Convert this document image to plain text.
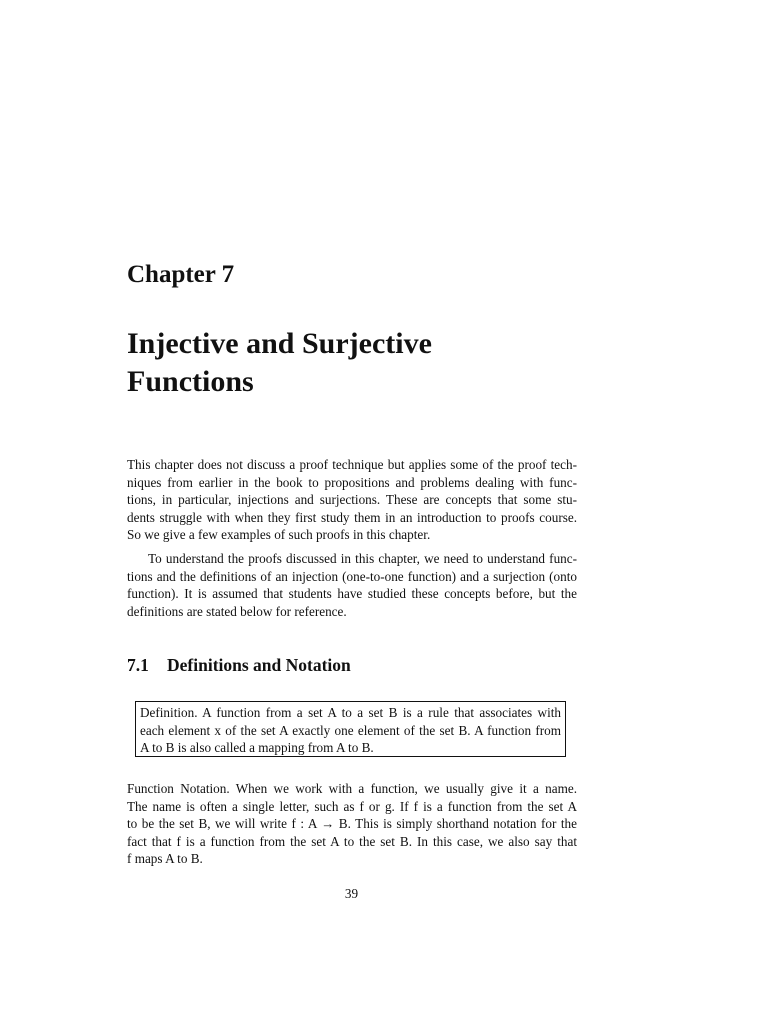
Chapter 7
Injective and Surjective
Functions

This chapter does not discuss a proof technique but applies some of the proof tech-
niques from earlier in the book to propositions and problems dealing with func-
tions, in particular, injections and surjections. These are concepts that some stu-
dents struggle with when they first study them in an introduction to proofs course.
So we give a few examples of such proofs in this chapter.

To understand the proofs discussed in this chapter, we need to understand func-
tions and the definitions of an injection (one-to-one function) and a surjection (onto
function). It is assumed that students have studied these concepts before, but the
definitions are stated below for reference.

7.1 Definitions and Notation

Definition. A function from a set A to a set B is a rule that associates with
each element x of the set A exactly one element of the set B. A function from
A to B is also called a mapping from A to B.

Function Notation. When we work with a function, we usually give it a name.
The name is often a single letter, such as f or g. If f is a function from the set A
to be the set B, we will write f : A → B. This is simply shorthand notation for the
fact that f is a function from the set A to the set B. In this case, we also say that
f maps A to B.

39
